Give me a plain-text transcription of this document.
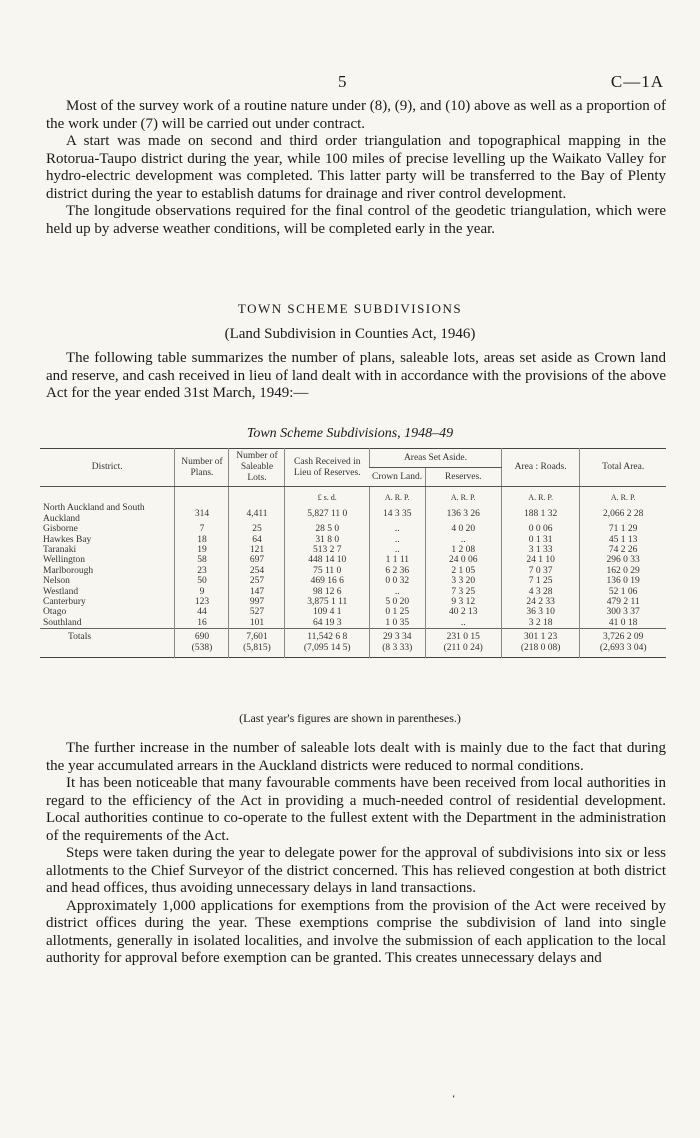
5	C—1A

Most of the survey work of a routine nature under (8), (9), and (10) above as well as a proportion of the work under (7) will be carried out under contract.

A start was made on second and third order triangulation and topographical mapping in the Rotorua-Taupo district during the year, while 100 miles of precise levelling up the Waikato Valley for hydro-electric development was completed. This latter party will be transferred to the Bay of Plenty district during the year to establish datums for drainage and river control development.

The longitude observations required for the final control of the geodetic triangulation, which were held up by adverse weather conditions, will be completed early in the year.

TOWN SCHEME SUBDIVISIONS
(Land Subdivision in Counties Act, 1946)

The following table summarizes the number of plans, saleable lots, areas set aside as Crown land and reserve, and cash received in lieu of land dealt with in accordance with the provisions of the above Act for the year ended 31st March, 1949:—

Town Scheme Subdivisions, 1948–49
District.	Number of Plans.	Number of Saleable Lots.	Cash Received in Lieu of Reserves.	Areas Set Aside.		Area : Roads.	Total Area.
				Crown Land.	Reserves.		
			£ s. d.	A. R. P.	A. R. P.	A. R. P.	A. R. P.
North Auckland and South Auckland	314	4,411	5,827 11 0	14 3 35	136 3 26	188 1 32	2,066 2 28
Gisborne	7	25	28 5 0	..	4 0 20	0 0 06	71 1 29
Hawkes Bay	18	64	31 8 0	..	..	0 1 31	45 1 13
Taranaki	19	121	513 2 7	..	1 2 08	3 1 33	74 2 26
Wellington	58	697	448 14 10	1 1 11	24 0 06	24 1 10	296 0 33
Marlborough	23	254	75 11 0	6 2 36	2 1 05	7 0 37	162 0 29
Nelson	50	257	469 16 6	0 0 32	3 3 20	7 1 25	136 0 19
Westland	9	147	98 12 6	..	7 3 25	4 3 28	52 1 06
Canterbury	123	997	3,875 1 11	5 0 20	9 3 12	24 2 33	479 2 11
Otago	44	527	109 4 1	0 1 25	40 2 13	36 3 10	300 3 37
Southland	16	101	64 19 3	1 0 35	..	3 2 18	41 0 18
Totals	690	7,601	11,542 6 8	29 3 34	231 0 15	301 1 23	3,726 2 09
	(538)	(5,815)	(7,095 14 5)	(8 3 33)	(211 0 24)	(218 0 08)	(2,693 3 04)
(Last year's figures are shown in parentheses.)

The further increase in the number of saleable lots dealt with is mainly due to the fact that during the year accumulated arrears in the Auckland districts were reduced to normal conditions.

It has been noticeable that many favourable comments have been received from local authorities in regard to the efficiency of the Act in providing a much-needed control of residential development. Local authorities continue to co-operate to the fullest extent with the Department in the administration of the requirements of the Act.

Steps were taken during the year to delegate power for the approval of subdivisions into six or less allotments to the Chief Surveyor of the district concerned. This has relieved congestion at both district and head offices, thus avoiding unnecessary delays in land transactions.

Approximately 1,000 applications for exemptions from the provision of the Act were received by district offices during the year. These exemptions comprise the subdivision of land into single allotments, generally in isolated localities, and involve the submission of each application to the local authority for approval before exemption can be granted. This creates unnecessary delays and

‘
